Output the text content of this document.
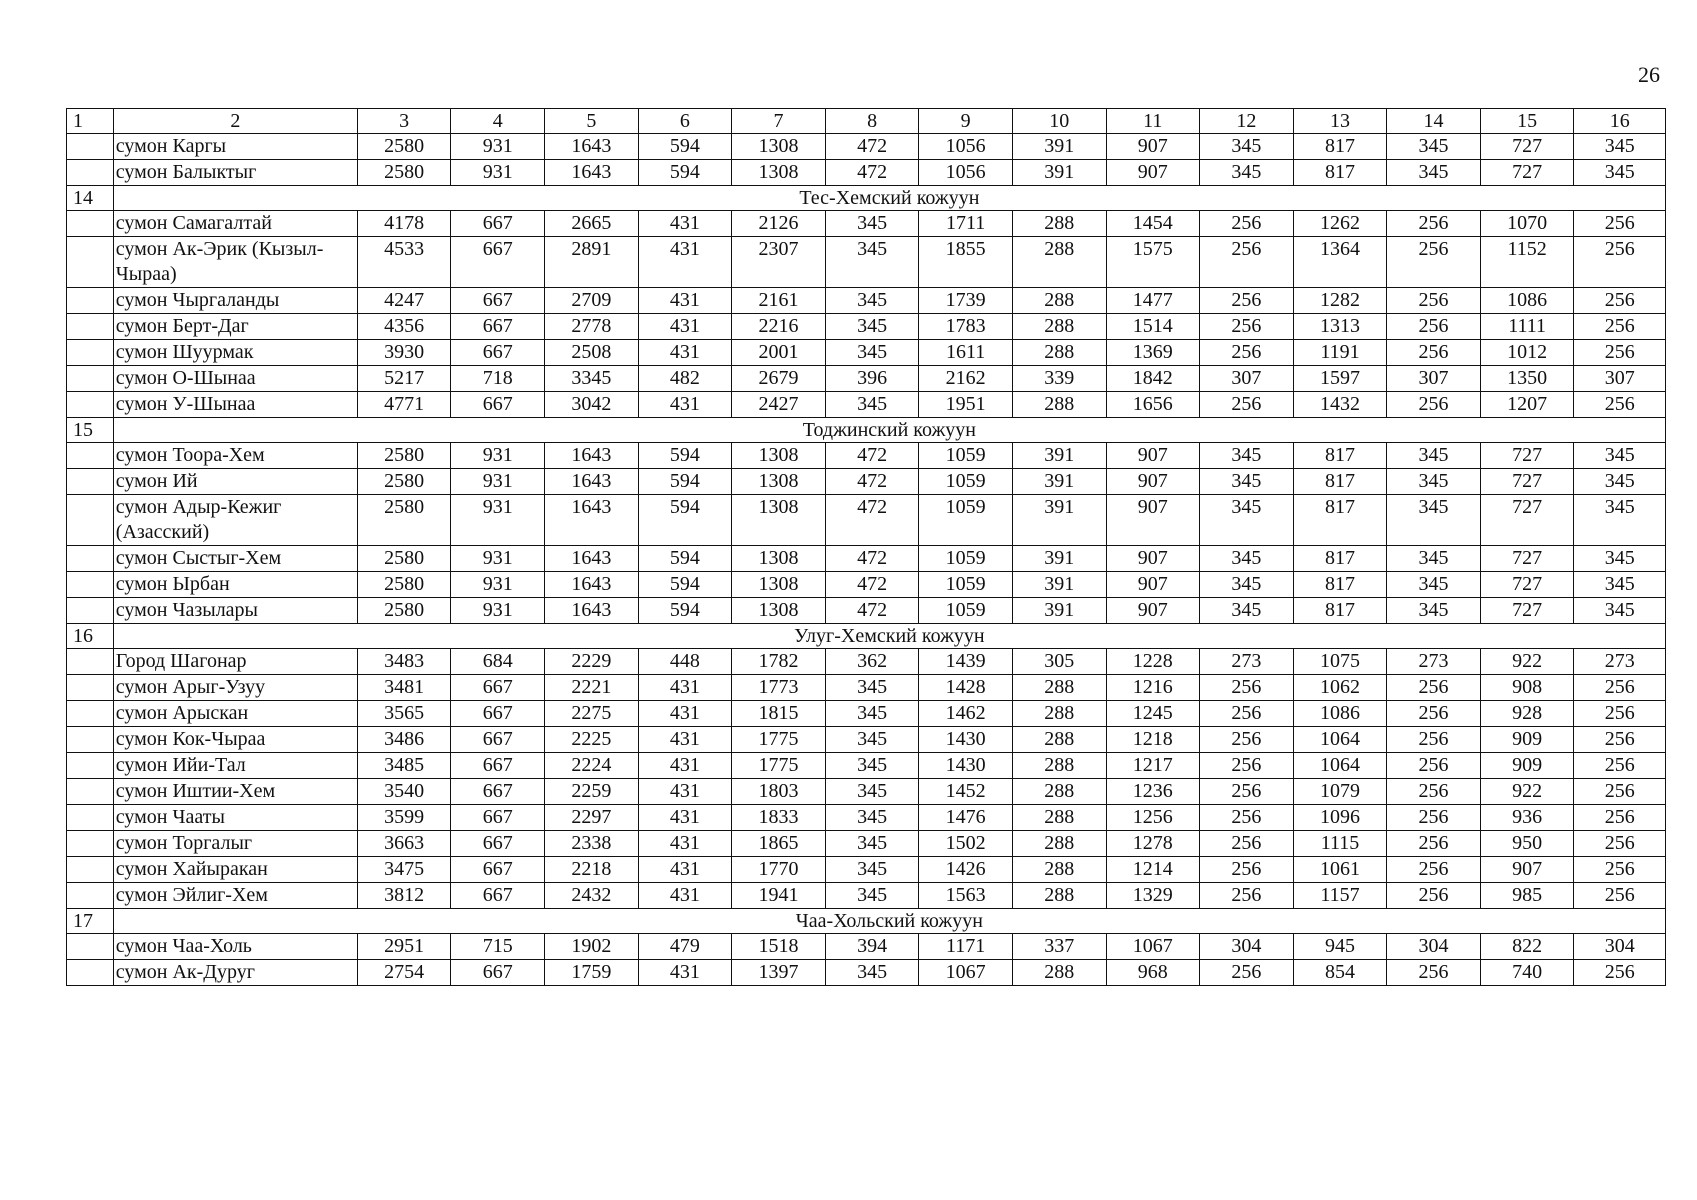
26
1	2	3	4	5	6	7	8	9	10	11	12	13	14	15	16
	сумон Каргы	2580	931	1643	594	1308	472	1056	391	907	345	817	345	727	345
	сумон Балыктыг	2580	931	1643	594	1308	472	1056	391	907	345	817	345	727	345
14	Тес-Хемский кожуун														
	сумон Самагалтай	4178	667	2665	431	2126	345	1711	288	1454	256	1262	256	1070	256
	сумон Ак-Эрик (Кызыл-Чыраа)	4533	667	2891	431	2307	345	1855	288	1575	256	1364	256	1152	256
	сумон Чыргаланды	4247	667	2709	431	2161	345	1739	288	1477	256	1282	256	1086	256
	сумон Берт-Даг	4356	667	2778	431	2216	345	1783	288	1514	256	1313	256	1111	256
	сумон Шуурмак	3930	667	2508	431	2001	345	1611	288	1369	256	1191	256	1012	256
	сумон О-Шынаа	5217	718	3345	482	2679	396	2162	339	1842	307	1597	307	1350	307
	сумон У-Шынаа	4771	667	3042	431	2427	345	1951	288	1656	256	1432	256	1207	256
15	Тоджинский кожуун														
	сумон Тоора-Хем	2580	931	1643	594	1308	472	1059	391	907	345	817	345	727	345
	сумон Ий	2580	931	1643	594	1308	472	1059	391	907	345	817	345	727	345
	сумон Адыр-Кежиг (Азасский)	2580	931	1643	594	1308	472	1059	391	907	345	817	345	727	345
	сумон Сыстыг-Хем	2580	931	1643	594	1308	472	1059	391	907	345	817	345	727	345
	сумон Ырбан	2580	931	1643	594	1308	472	1059	391	907	345	817	345	727	345
	сумон Чазылары	2580	931	1643	594	1308	472	1059	391	907	345	817	345	727	345
16	Улуг-Хемский кожуун														
	Город Шагонар	3483	684	2229	448	1782	362	1439	305	1228	273	1075	273	922	273
	сумон Арыг-Узуу	3481	667	2221	431	1773	345	1428	288	1216	256	1062	256	908	256
	сумон Арыскан	3565	667	2275	431	1815	345	1462	288	1245	256	1086	256	928	256
	сумон Кок-Чыраа	3486	667	2225	431	1775	345	1430	288	1218	256	1064	256	909	256
	сумон Ийи-Тал	3485	667	2224	431	1775	345	1430	288	1217	256	1064	256	909	256
	сумон Иштии-Хем	3540	667	2259	431	1803	345	1452	288	1236	256	1079	256	922	256
	сумон Чааты	3599	667	2297	431	1833	345	1476	288	1256	256	1096	256	936	256
	сумон Торгалыг	3663	667	2338	431	1865	345	1502	288	1278	256	1115	256	950	256
	сумон Хайыракан	3475	667	2218	431	1770	345	1426	288	1214	256	1061	256	907	256
	сумон Эйлиг-Хем	3812	667	2432	431	1941	345	1563	288	1329	256	1157	256	985	256
17	Чаа-Хольский кожуун														
	сумон Чаа-Холь	2951	715	1902	479	1518	394	1171	337	1067	304	945	304	822	304
	сумон Ак-Дуруг	2754	667	1759	431	1397	345	1067	288	968	256	854	256	740	256
